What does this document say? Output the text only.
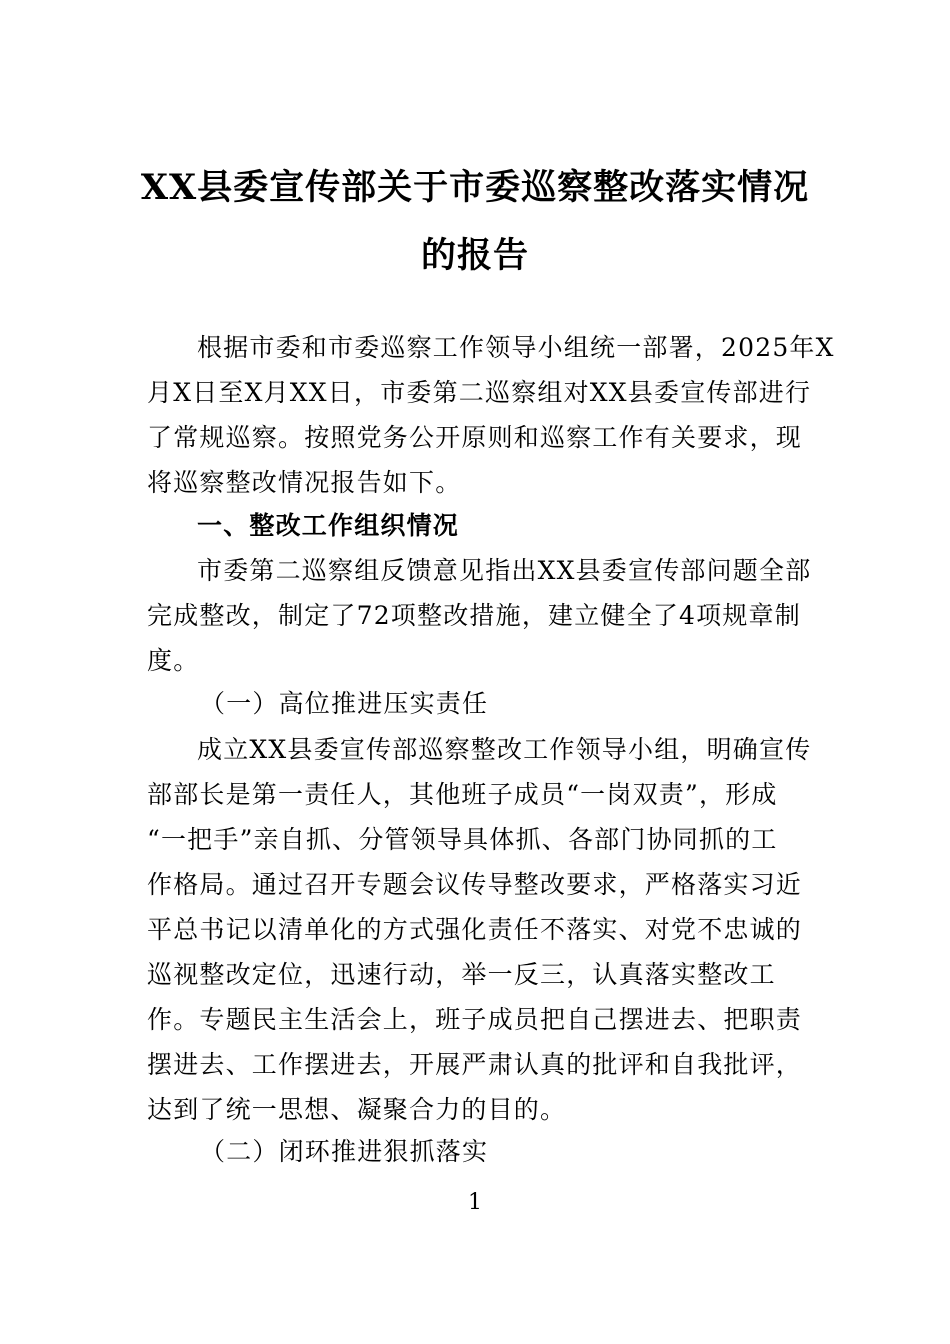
XX县委宣传部关于市委巡察整改落实情况
的报告
根据市委和市委巡察工作领导小组统一部署，2025年X
月X日至X月XX日，市委第二巡察组对XX县委宣传部进行
了常规巡察。按照党务公开原则和巡察工作有关要求，现
将巡察整改情况报告如下。
一、整改工作组织情况
市委第二巡察组反馈意见指出XX县委宣传部问题全部
完成整改，制定了72项整改措施，建立健全了4项规章制
度。
（一）高位推进压实责任
成立XX县委宣传部巡察整改工作领导小组，明确宣传
部部长是第一责任人，其他班子成员“一岗双责”，形成
“一把手”亲自抓、分管领导具体抓、各部门协同抓的工
作格局。通过召开专题会议传导整改要求，严格落实习近
平总书记以清单化的方式强化责任不落实、对党不忠诚的
巡视整改定位，迅速行动，举一反三，认真落实整改工
作。专题民主生活会上，班子成员把自己摆进去、把职责
摆进去、工作摆进去，开展严肃认真的批评和自我批评，
达到了统一思想、凝聚合力的目的。
（二）闭环推进狠抓落实
1
